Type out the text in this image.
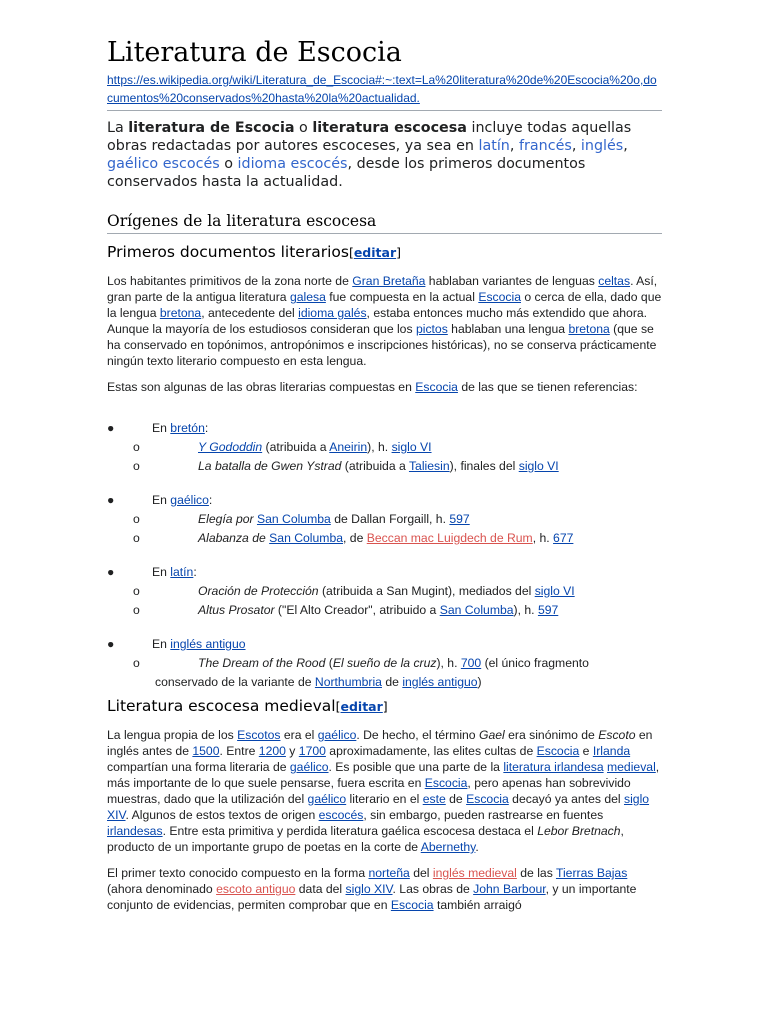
Literatura de Escocia
https://es.wikipedia.org/wiki/Literatura_de_Escocia#:~:text=La%20literatura%20de%20Escocia%20o,documentos%20conservados%20hasta%20la%20actualidad.
La literatura de Escocia o literatura escocesa incluye todas aquellas obras redactadas por autores escoceses, ya sea en latín, francés, inglés, gaélico escocés o idioma escocés, desde los primeros documentos conservados hasta la actualidad.
Orígenes de la literatura escocesa
Primeros documentos literarios[editar]

Los habitantes primitivos de la zona norte de Gran Bretaña hablaban variantes de lenguas celtas. Así, gran parte de la antigua literatura galesa fue compuesta en la actual Escocia o cerca de ella, dado que la lengua bretona, antecedente del idioma galés, estaba entonces mucho más extendido que ahora. Aunque la mayoría de los estudiosos consideran que los pictos hablaban una lengua bretona (que se ha conservado en topónimos, antropónimos e inscripciones históricas), no se conserva prácticamente ningún texto literario compuesto en esta lengua.

Estas son algunas de las obras literarias compuestas en Escocia de las que se tienen referencias:

●	En bretón:
o	Y Gododdin (atribuida a Aneirin), h. siglo VI
o	La batalla de Gwen Ystrad (atribuida a Taliesin), finales del siglo VI
●	En gaélico:
o	Elegía por San Columba de Dallan Forgaill, h. 597
o	Alabanza de San Columba, de Beccan mac Luigdech de Rum, h. 677
●	En latín:
o	Oración de Protección (atribuida a San Mugint), mediados del siglo VI
o	Altus Prosator ("El Alto Creador", atribuido a San Columba), h. 597
●	En inglés antiguo
o	The Dream of the Rood (El sueño de la cruz), h. 700 (el único fragmento
conservado de la variante de Northumbria de inglés antiguo)
Literatura escocesa medieval[editar]

La lengua propia de los Escotos era el gaélico. De hecho, el término Gael era sinónimo de Escoto en inglés antes de 1500. Entre 1200 y 1700 aproximadamente, las elites cultas de Escocia e Irlanda compartían una forma literaria de gaélico. Es posible que una parte de la literatura irlandesa medieval, más importante de lo que suele pensarse, fuera escrita en Escocia, pero apenas han sobrevivido muestras, dado que la utilización del gaélico literario en el este de Escocia decayó ya antes del siglo XIV. Algunos de estos textos de origen escocés, sin embargo, pueden rastrearse en fuentes irlandesas. Entre esta primitiva y perdida literatura gaélica escocesa destaca el Lebor Bretnach, producto de un importante grupo de poetas en la corte de Abernethy.

El primer texto conocido compuesto en la forma norteña del inglés medieval de las Tierras Bajas (ahora denominado escoto antiguo data del siglo XIV. Las obras de John Barbour, y un importante conjunto de evidencias, permiten comprobar que en Escocia también arraigó
